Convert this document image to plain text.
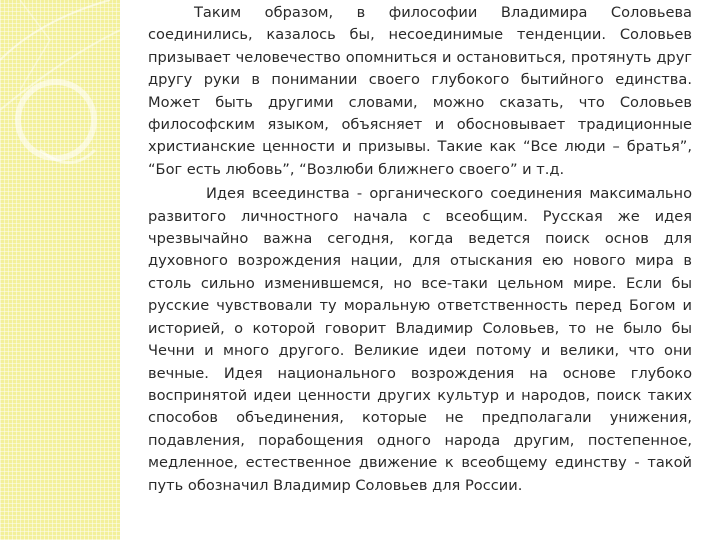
Таким образом, в философии Владимира Соловьева соединились, казалось бы, несоединимые тенденции. Соловьев призывает человечество опомниться и остановиться, протянуть друг другу руки в понимании своего глубокого бытийного единства. Может быть другими словами, можно сказать, что Соловьев философским языком, объясняет и обосновывает традиционные христианские ценности и призывы. Такие как “Все люди – братья”, “Бог есть любовь”, “Возлюби ближнего своего” и т.д.

Идея всеединства - органического соединения максимально развитого личностного начала с всеобщим. Русская же идея чрезвычайно важна сегодня, когда ведется поиск основ для духовного возрождения нации, для отыскания ею нового мира в столь сильно изменившемся, но все-таки цельном мире. Если бы русские чувствовали ту моральную ответственность перед Богом и историей, о которой говорит Владимир Соловьев, то не было бы Чечни и много другого. Великие идеи потому и велики, что они вечные. Идея национального возрождения на основе глубоко воспринятой идеи ценности других культур и народов, поиск таких способов объединения, которые не предполагали унижения, подавления, порабощения одного народа другим, постепенное, медленное, естественное движение к всеобщему единству - такой путь обозначил Владимир Соловьев для России.
